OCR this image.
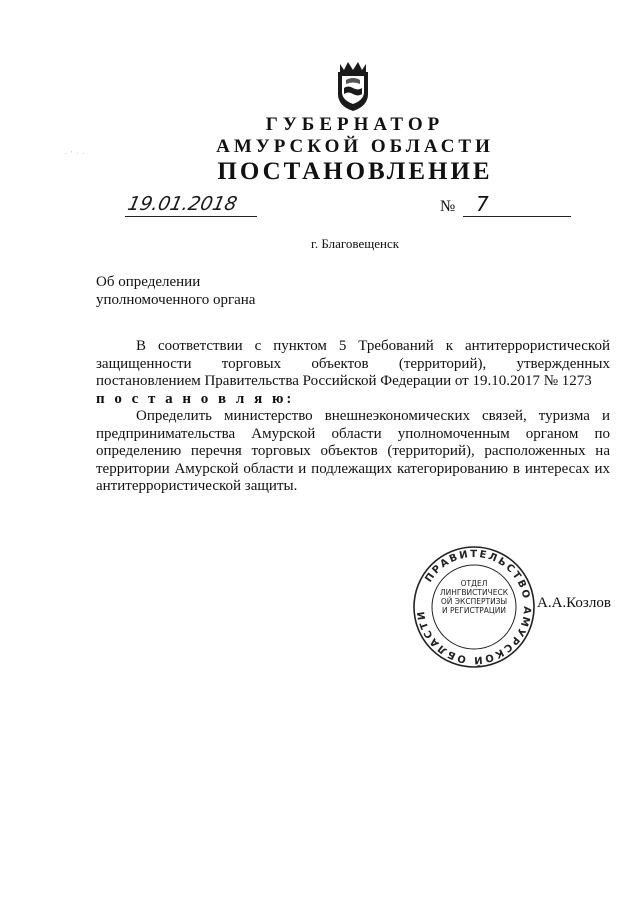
· ' · ·
ГУБЕРНАТОР
АМУРСКОЙ ОБЛАСТИ
ПОСТАНОВЛЕНИЕ
19.01.2018	№ 7
г. Благовещенск
Об определении
уполномоченного органа

В соответствии с пунктом 5 Требований к антитеррористической защищенности торговых объектов (территорий), утвержденных постановлением Правительства Российской Федерации от 19.10.2017 № 1273

п о с т а н о в л я ю:

Определить министерство внешнеэкономических связей, туризма и предпринимательства Амурской области уполномоченным органом по определению перечня торговых объектов (территорий), расположенных на территории Амурской области и подлежащих категорированию в интересах их антитеррористической защиты.

ПРАВИТЕЛЬСТВО АМУРСКОЙ ОБЛАСТИ
ОТДЕЛ ЛИНГВИСТИЧЕСКОЙ ЭКСПЕРТИЗЫ И РЕГИСТРАЦИИ А.А.Козлов
